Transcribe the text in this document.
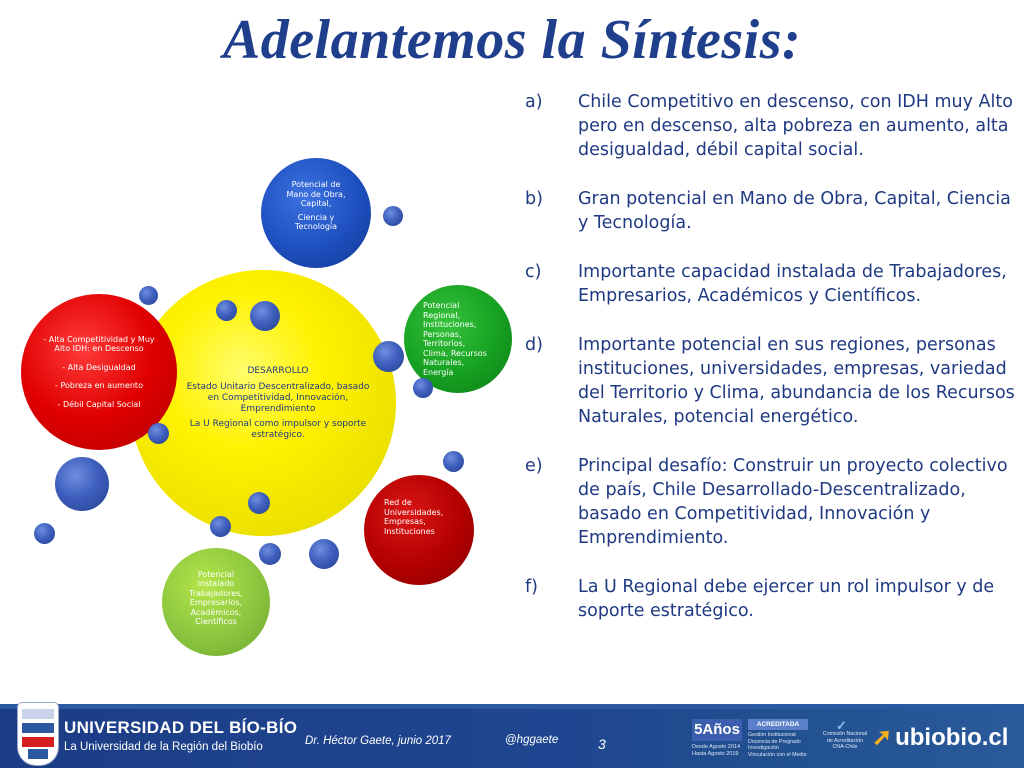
Adelantemos la Síntesis:
DESARROLLO
Estado Unitario Descentralizado, basado en Competitividad, Innovación, Emprendimiento
La U Regional como impulsor y soporte estratégico.
- Alta Competitividad y Muy Alto IDH: en Descenso
- Alta Desigualdad
- Pobreza en aumento
- Débil Capital Social
Potencial de Mano de Obra, Capital,
Ciencia y Tecnología
Potencial Regional, Instituciones, Personas, Territorios, Clima, Recursos Naturales, Energía
Red de Universidades, Empresas, Instituciones
Potencial instalado Trabajadores, Empresarios, Académicos, Científicos
a) Chile Competitivo en descenso, con IDH muy Alto pero en descenso, alta pobreza en aumento, alta desigualdad, débil capital social.
b) Gran potencial en Mano de Obra, Capital, Ciencia y Tecnología.
c) Importante capacidad instalada de Trabajadores, Empresarios, Académicos y Científicos.
d) Importante potencial en sus regiones, personas instituciones, universidades, empresas, variedad del Territorio y Clima, abundancia de los Recursos Naturales, potencial energético.
e) Principal desafío: Construir un proyecto colectivo de país, Chile Desarrollado-Descentralizado, basado en Competitividad, Innovación y Emprendimiento.
f) La U Regional debe ejercer un rol impulsor y de soporte estratégico.
UNIVERSIDAD DEL BÍO-BÍO
La Universidad de la Región del Biobío	Dr. Héctor Gaete, junio 2017	@hggaete	3
5Años
Desde Agosto 2014
Hasta Agosto 2019
ACREDITADA
Gestión Institucional
Docencia de Pregrado
Investigación
Vinculación con el Medio
✓
Comisión Nacional
de Acreditación
CNA-Chile ➚ ubiobio.cl
